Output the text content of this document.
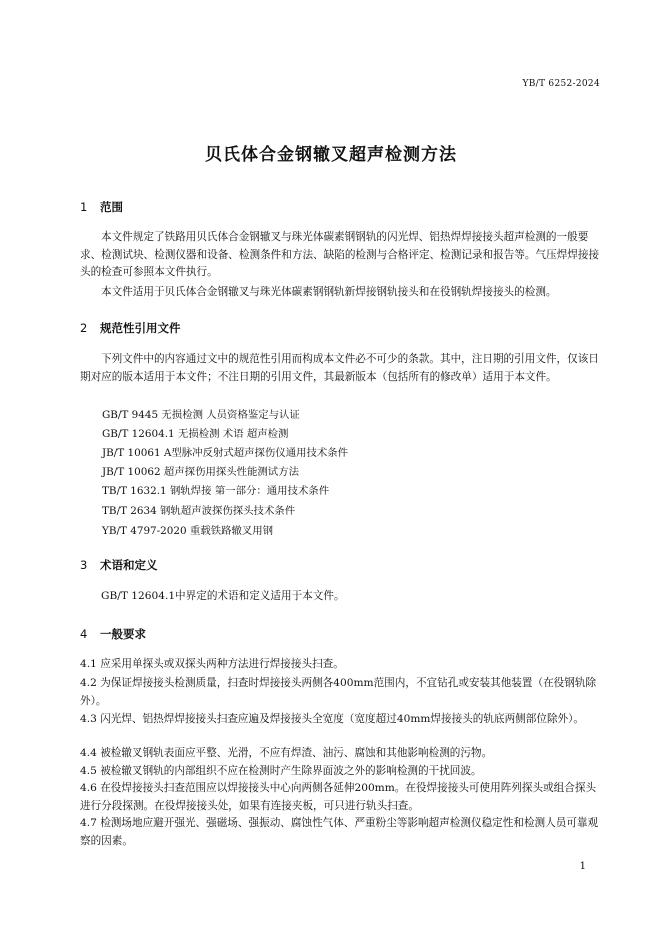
YB/T 6252-2024
贝氏体合金钢辙叉超声检测方法
1 范围
本文件规定了铁路用贝氏体合金钢辙叉与珠光体碳素钢钢轨的闪光焊、铝热焊焊接接头超声检测的一般要求、检测试块、检测仪器和设备、检测条件和方法、缺陷的检测与合格评定、检测记录和报告等。气压焊焊接接头的检查可参照本文件执行。
本文件适用于贝氏体合金钢辙叉与珠光体碳素钢钢轨新焊接钢轨接头和在役钢轨焊接接头的检测。
2 规范性引用文件
下列文件中的内容通过文中的规范性引用而构成本文件必不可少的条款。其中，注日期的引用文件，仅该日期对应的版本适用于本文件；不注日期的引用文件，其最新版本（包括所有的修改单）适用于本文件。
GB/T 9445 无损检测 人员资格鉴定与认证
GB/T 12604.1 无损检测 术语 超声检测
JB/T 10061 A型脉冲反射式超声探伤仪通用技术条件
JB/T 10062 超声探伤用探头性能测试方法
TB/T 1632.1 钢轨焊接 第一部分：通用技术条件
TB/T 2634 钢轨超声波探伤探头技术条件
YB/T 4797-2020 重载铁路辙叉用钢
3 术语和定义
GB/T 12604.1中界定的术语和定义适用于本文件。
4 一般要求
4.1 应采用单探头或双探头两种方法进行焊接接头扫查。
4.2 为保证焊接接头检测质量，扫查时焊接接头两侧各400mm范围内，不宜钻孔或安装其他装置（在役钢轨除外）。
4.3 闪光焊、铝热焊焊接接头扫查应遍及焊接接头全宽度（宽度超过40mm焊接接头的轨底两侧部位除外）。
4.4 被检辙叉钢轨表面应平整、光滑，不应有焊渣、油污、腐蚀和其他影响检测的污物。
4.5 被检辙叉钢轨的内部组织不应在检测时产生除界面波之外的影响检测的干扰回波。
4.6 在役焊接接头扫查范围应以焊接接头中心向两侧各延伸200mm。在役焊接接头可使用阵列探头或组合探头进行分段探测。在役焊接接头处，如果有连接夹板，可只进行轨头扫查。
4.7 检测场地应避开强光、强磁场、强振动、腐蚀性气体、严重粉尘等影响超声检测仪稳定性和检测人员可靠观察的因素。
1
